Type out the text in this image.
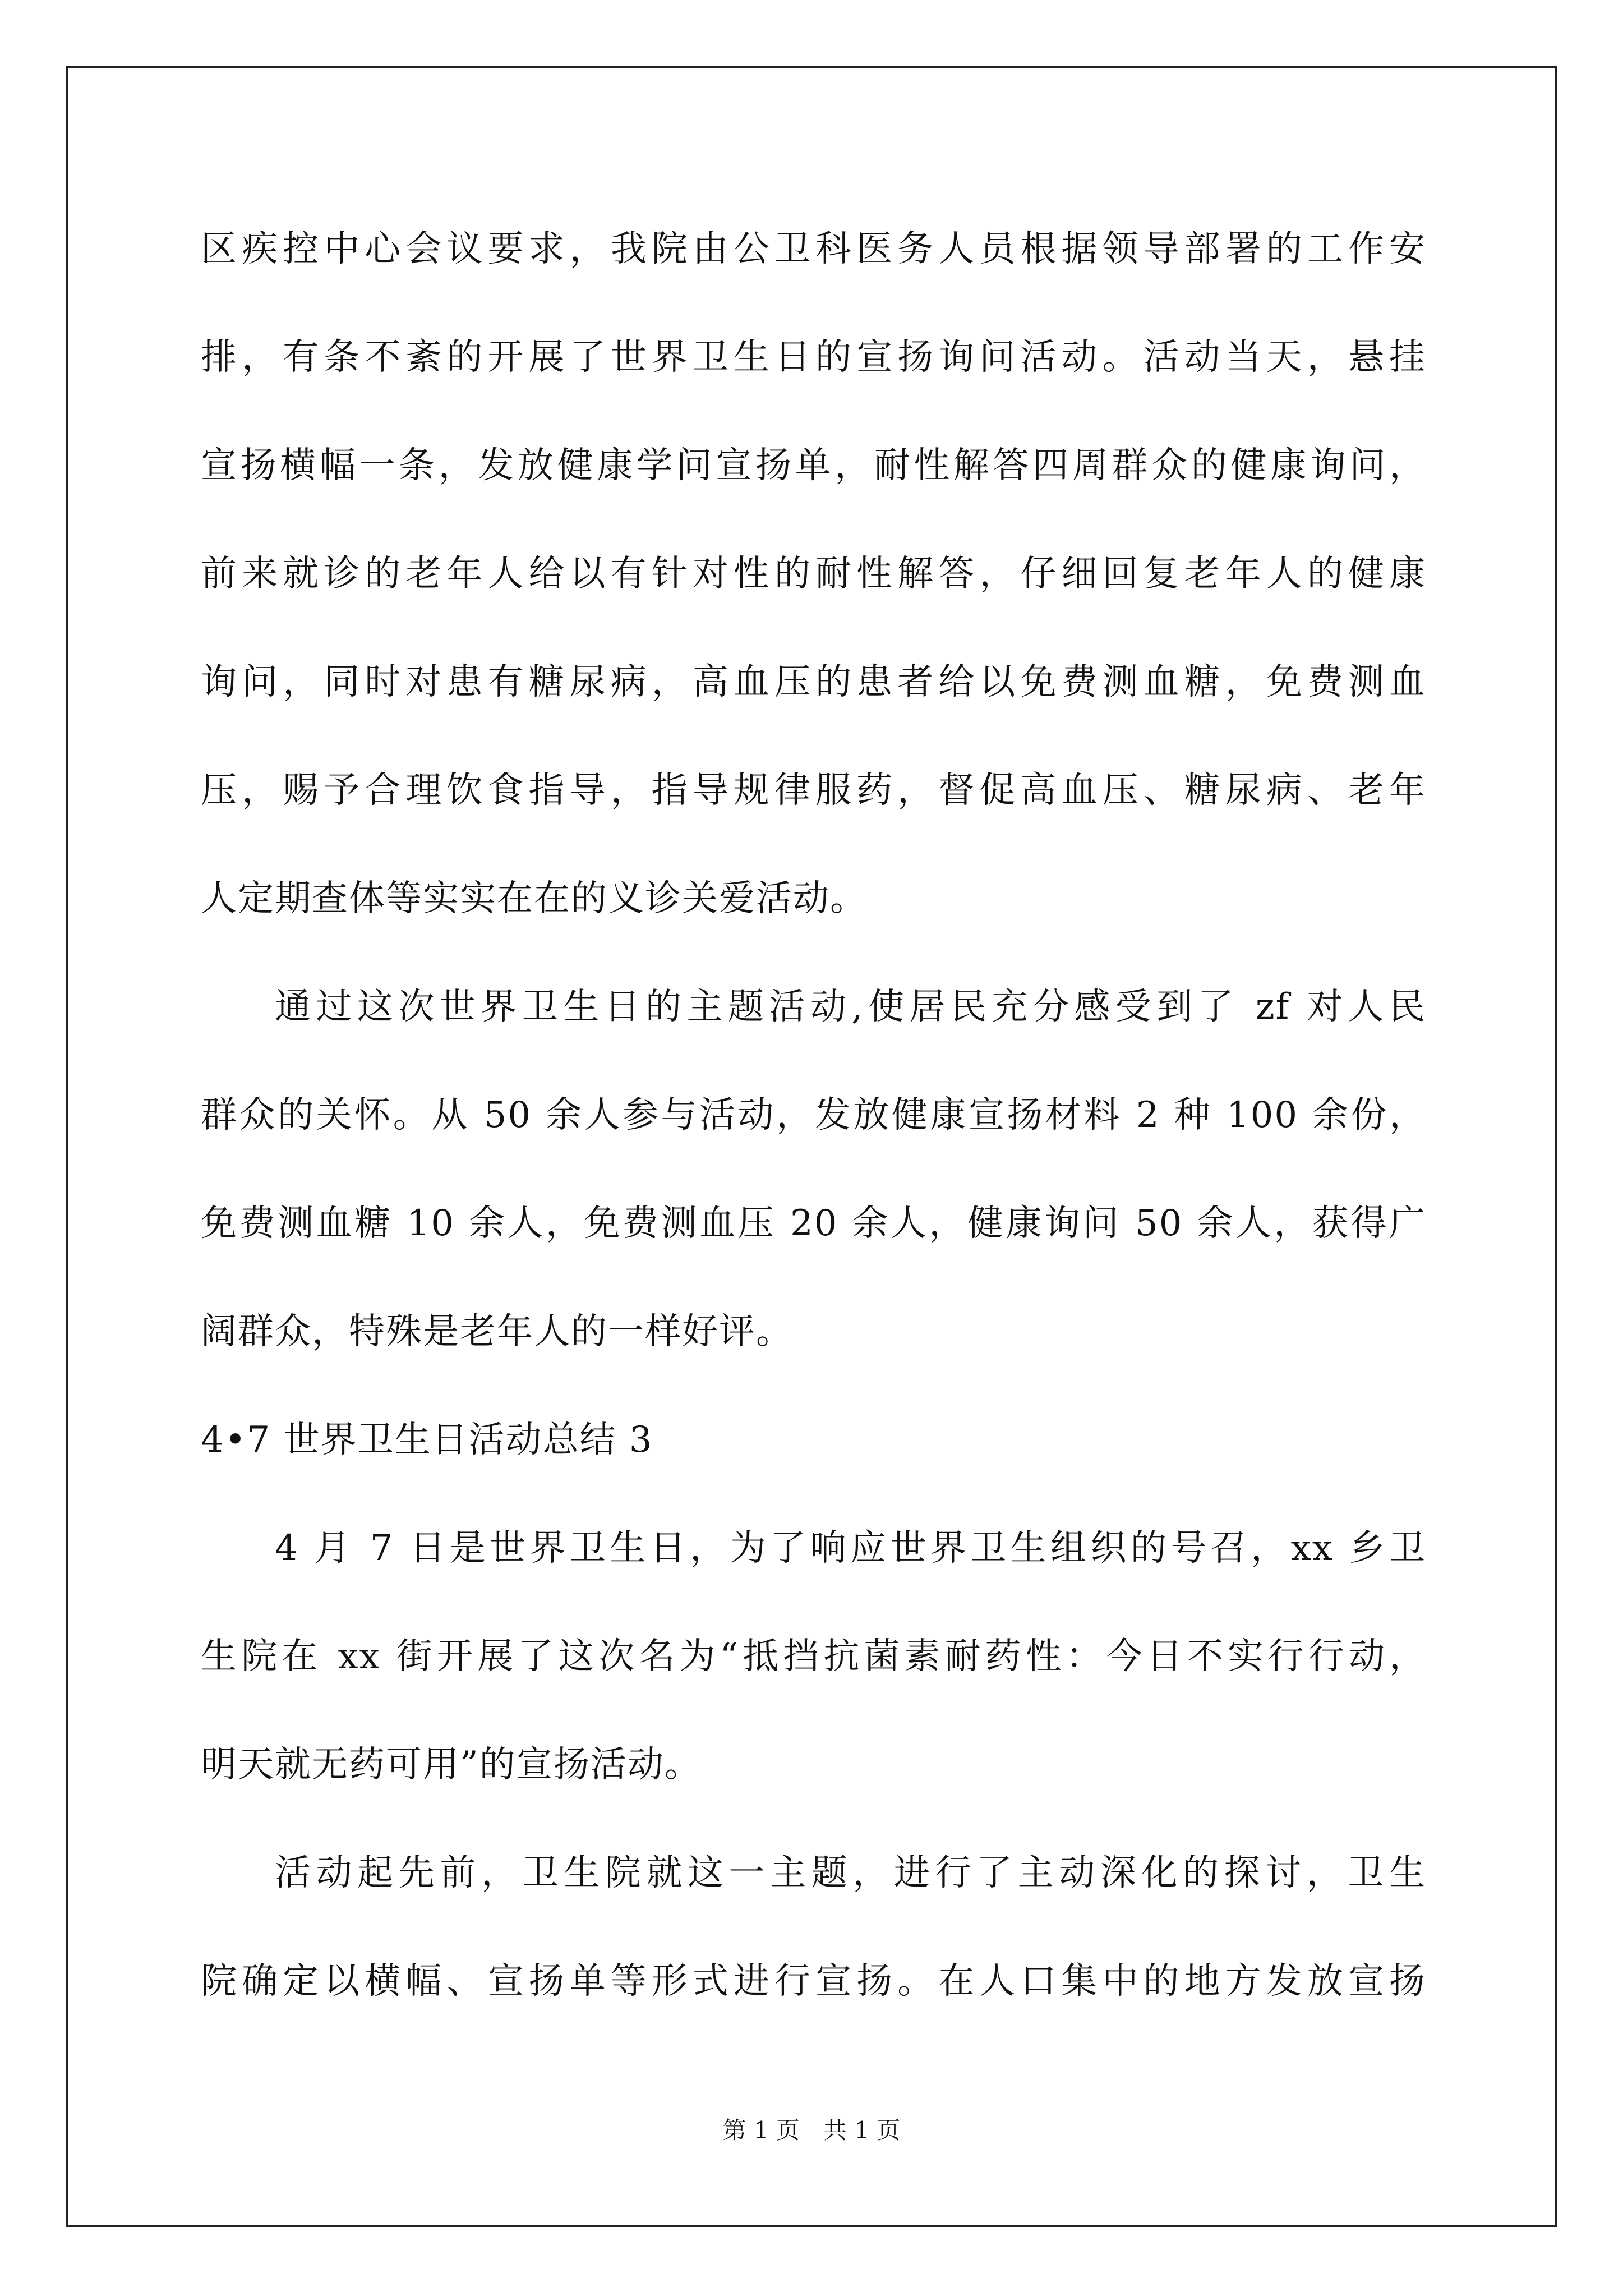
区疾控中心会议要求，我院由公卫科医务人员根据领导部署的工作安
排，有条不紊的开展了世界卫生日的宣扬询问活动。活动当天，悬挂
宣扬横幅一条，发放健康学问宣扬单，耐性解答四周群众的健康询问，
前来就诊的老年人给以有针对性的耐性解答，仔细回复老年人的健康
询问，同时对患有糖尿病，高血压的患者给以免费测血糖，免费测血
压，赐予合理饮食指导，指导规律服药，督促高血压、糖尿病、老年
人定期查体等实实在在的义诊关爱活动。
通过这次世界卫生日的主题活动,使居民充分感受到了 zf 对人民
群众的关怀。从 50 余人参与活动，发放健康宣扬材料 2 种 100 余份，
免费测血糖 10 余人，免费测血压 20 余人，健康询问 50 余人，获得广
阔群众，特殊是老年人的一样好评。
4•7 世界卫生日活动总结 3
4 月 7 日是世界卫生日，为了响应世界卫生组织的号召，xx 乡卫
生院在 xx 街开展了这次名为“抵挡抗菌素耐药性：今日不实行行动，
明天就无药可用”的宣扬活动。
活动起先前，卫生院就这一主题，进行了主动深化的探讨，卫生
院确定以横幅、宣扬单等形式进行宣扬。在人口集中的地方发放宣扬
第 1 页　共 1 页
